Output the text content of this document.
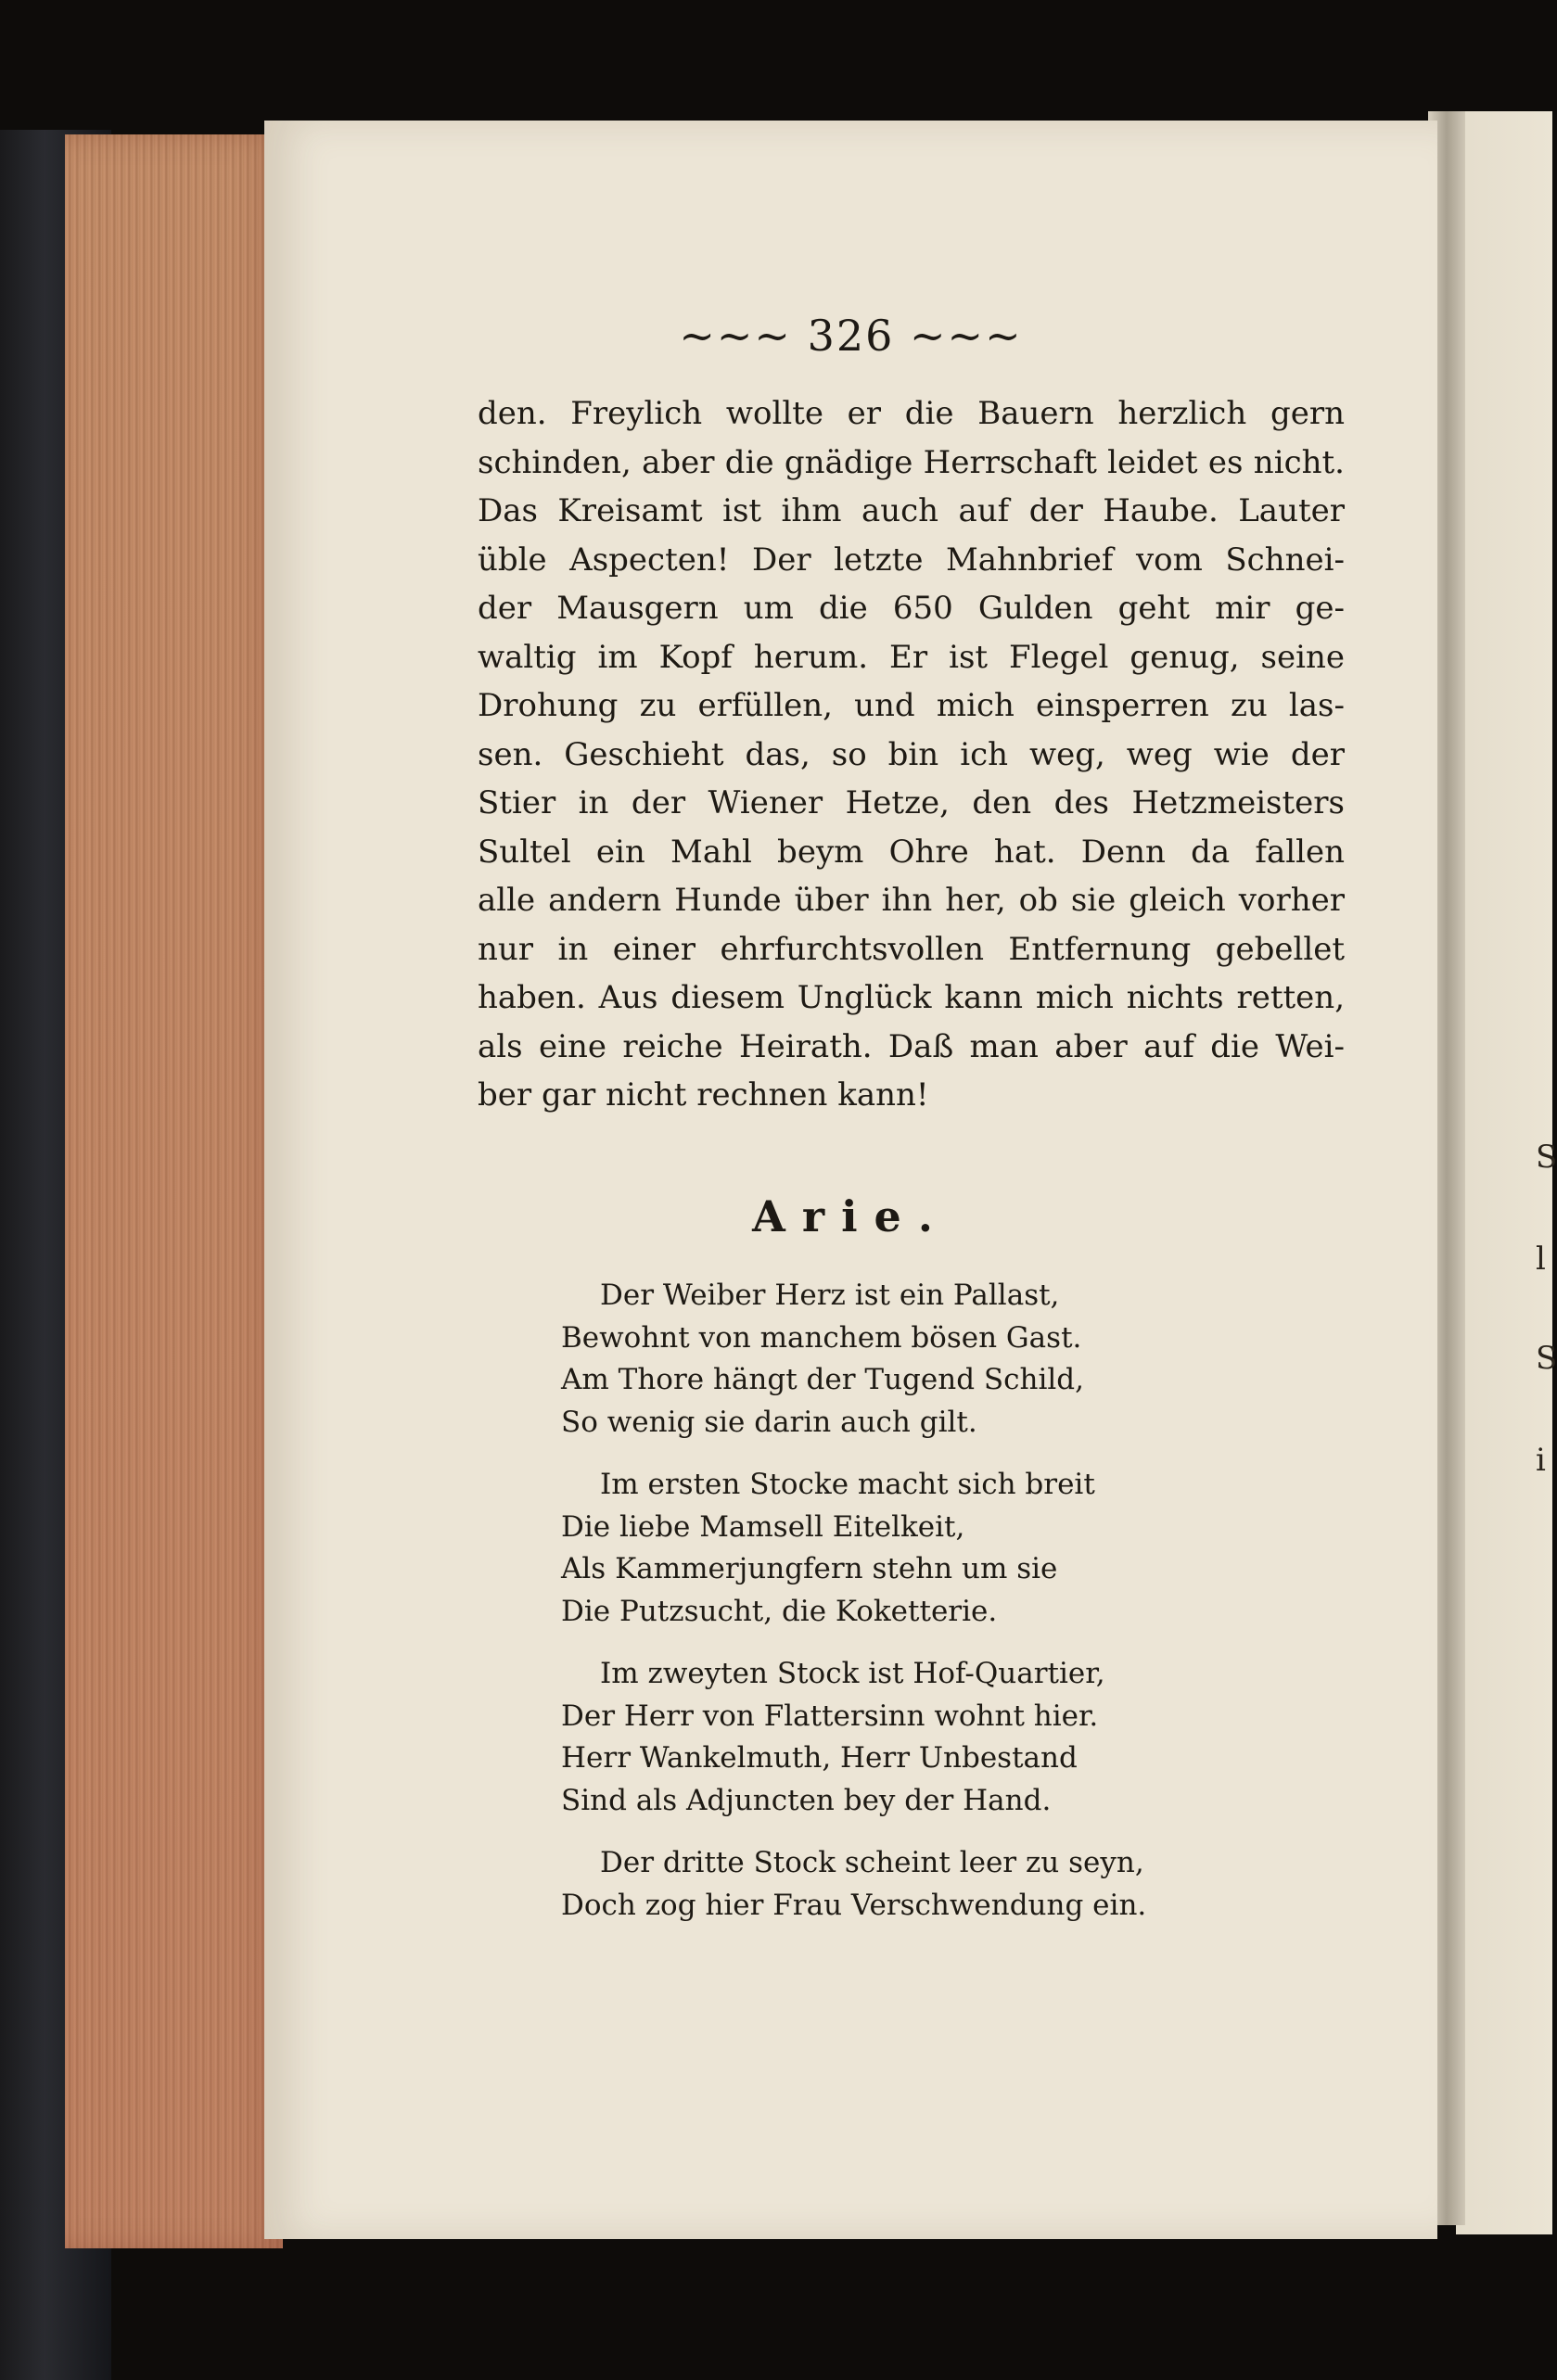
S
l
S
i
~~~ 326 ~~~
den. Freylich wollte er die Bauern herzlich gern
schinden, aber die gnädige Herrschaft leidet es nicht.
Das Kreisamt ist ihm auch auf der Haube. Lauter
üble Aspecten! Der letzte Mahnbrief vom Schnei-
der Mausgern um die 650 Gulden geht mir ge-
waltig im Kopf herum. Er ist Flegel genug, seine
Drohung zu erfüllen, und mich einsperren zu las-
sen. Geschieht das, so bin ich weg, weg wie der
Stier in der Wiener Hetze, den des Hetzmeisters
Sultel ein Mahl beym Ohre hat. Denn da fallen
alle andern Hunde über ihn her, ob sie gleich vorher
nur in einer ehrfurchtsvollen Entfernung gebellet
haben. Aus diesem Unglück kann mich nichts retten,
als eine reiche Heirath. Daß man aber auf die Wei-
ber gar nicht rechnen kann!
Arie.
Der Weiber Herz ist ein Pallast,
Bewohnt von manchem bösen Gast.
Am Thore hängt der Tugend Schild,
So wenig sie darin auch gilt.
Im ersten Stocke macht sich breit
Die liebe Mamsell Eitelkeit,
Als Kammerjungfern stehn um sie
Die Putzsucht, die Koketterie.
Im zweyten Stock ist Hof-Quartier,
Der Herr von Flattersinn wohnt hier.
Herr Wankelmuth, Herr Unbestand
Sind als Adjuncten bey der Hand.
Der dritte Stock scheint leer zu seyn,
Doch zog hier Frau Verschwendung ein.
